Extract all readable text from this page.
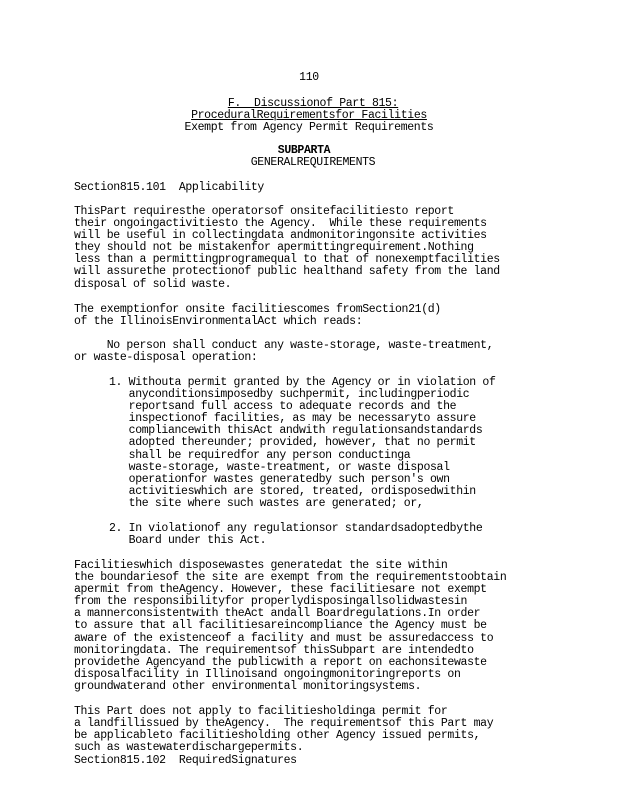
110
F.  Discussionof Part 815:
ProceduralRequirementsfor Facilities
Exempt from Agency Permit Requirements
SUBPARTA
GENERALREQUIREMENTS
Section815.101  Applicability
ThisPart requiresthe operatorsof onsitefacilitiesto report
their ongoingactivitiesto the Agency.  While these requirements
will be useful in collectingdata andmonitoringonsite activities
they should not be mistakenfor apermittingrequirement.Nothing
less than a permittingprogramequal to that of nonexemptfacilities
will assurethe protectionof public healthand safety from the land
disposal of solid waste.
The exemptionfor onsite facilitiescomes fromSection21(d)
of the IllinoisEnvironmentalAct which reads:
No person shall conduct any waste-storage, waste-treatment,
or waste-disposal operation:
1. Withouta permit granted by the Agency or in violation of
anyconditionsimposedby suchpermit, includingperiodic
reportsand full access to adequate records and the
inspectionof facilities, as may be necessaryto assure
compliancewith thisAct andwith regulationsandstandards
adopted thereunder; provided, however, that no permit
shall be requiredfor any person conductinga
waste-storage, waste-treatment, or waste disposal
operationfor wastes generatedby such person's own
activitieswhich are stored, treated, ordisposedwithin
the site where such wastes are generated; or,
2. In violationof any regulationsor standardsadoptedbythe
Board under this Act.
Facilitieswhich disposewastes generatedat the site within
the boundariesof the site are exempt from the requirementstoobtain
apermit from theAgency. However, these facilitiesare not exempt
from the responsibilityfor properlydisposingallsolidwastesin
a mannerconsistentwith theAct andall Boardregulations.In order
to assure that all facilitiesareincompliance the Agency must be
aware of the existenceof a facility and must be assuredaccess to
monitoringdata. The requirementsof thisSubpart are intendedto
providethe Agencyand the publicwith a report on eachonsitewaste
disposalfacility in Illinoisand ongoingmonitoringreports on
groundwaterand other environmental monitoringsystems.
This Part does not apply to facilitiesholdinga permit for
a landfillissued by theAgency.  The requirementsof this Part may
be applicableto facilitiesholding other Agency issued permits,
such as wastewaterdischargepermits.
Section815.102  RequiredSignatures
